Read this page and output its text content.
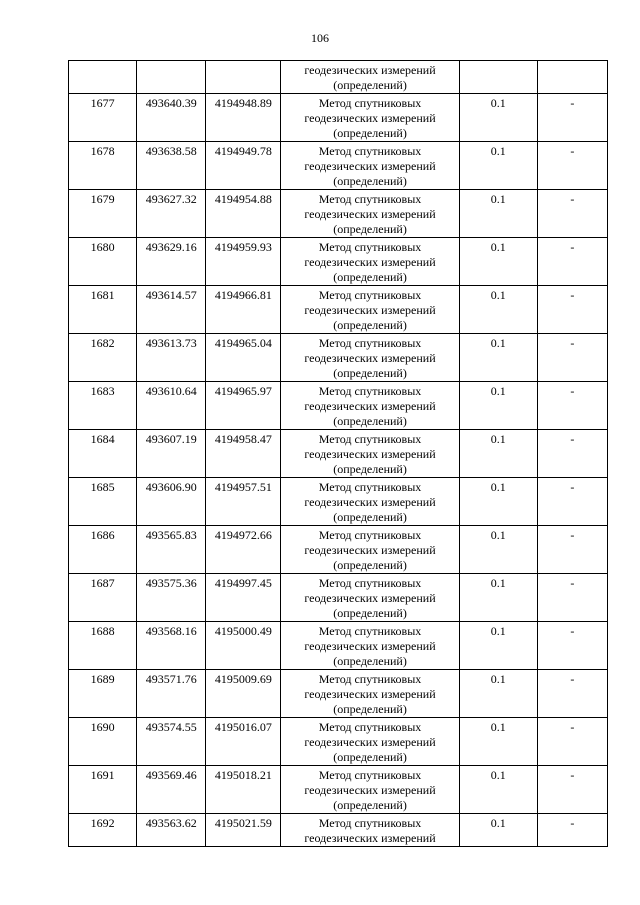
106

			геодезических измерений
(определений)		

1677	493640.39	4194948.89	Метод спутниковых
геодезических измерений
(определений)	0.1	-
1678	493638.58	4194949.78	Метод спутниковых
геодезических измерений
(определений)	0.1	-
1679	493627.32	4194954.88	Метод спутниковых
геодезических измерений
(определений)	0.1	-
1680	493629.16	4194959.93	Метод спутниковых
геодезических измерений
(определений)	0.1	-
1681	493614.57	4194966.81	Метод спутниковых
геодезических измерений
(определений)	0.1	-
1682	493613.73	4194965.04	Метод спутниковых
геодезических измерений
(определений)	0.1	-
1683	493610.64	4194965.97	Метод спутниковых
геодезических измерений
(определений)	0.1	-
1684	493607.19	4194958.47	Метод спутниковых
геодезических измерений
(определений)	0.1	-
1685	493606.90	4194957.51	Метод спутниковых
геодезических измерений
(определений)	0.1	-
1686	493565.83	4194972.66	Метод спутниковых
геодезических измерений
(определений)	0.1	-
1687	493575.36	4194997.45	Метод спутниковых
геодезических измерений
(определений)	0.1	-
1688	493568.16	4195000.49	Метод спутниковых
геодезических измерений
(определений)	0.1	-
1689	493571.76	4195009.69	Метод спутниковых
геодезических измерений
(определений)	0.1	-
1690	493574.55	4195016.07	Метод спутниковых
геодезических измерений
(определений)	0.1	-
1691	493569.46	4195018.21	Метод спутниковых
геодезических измерений
(определений)	0.1	-
1692	493563.62	4195021.59	Метод спутниковых
геодезических измерений	0.1	-
